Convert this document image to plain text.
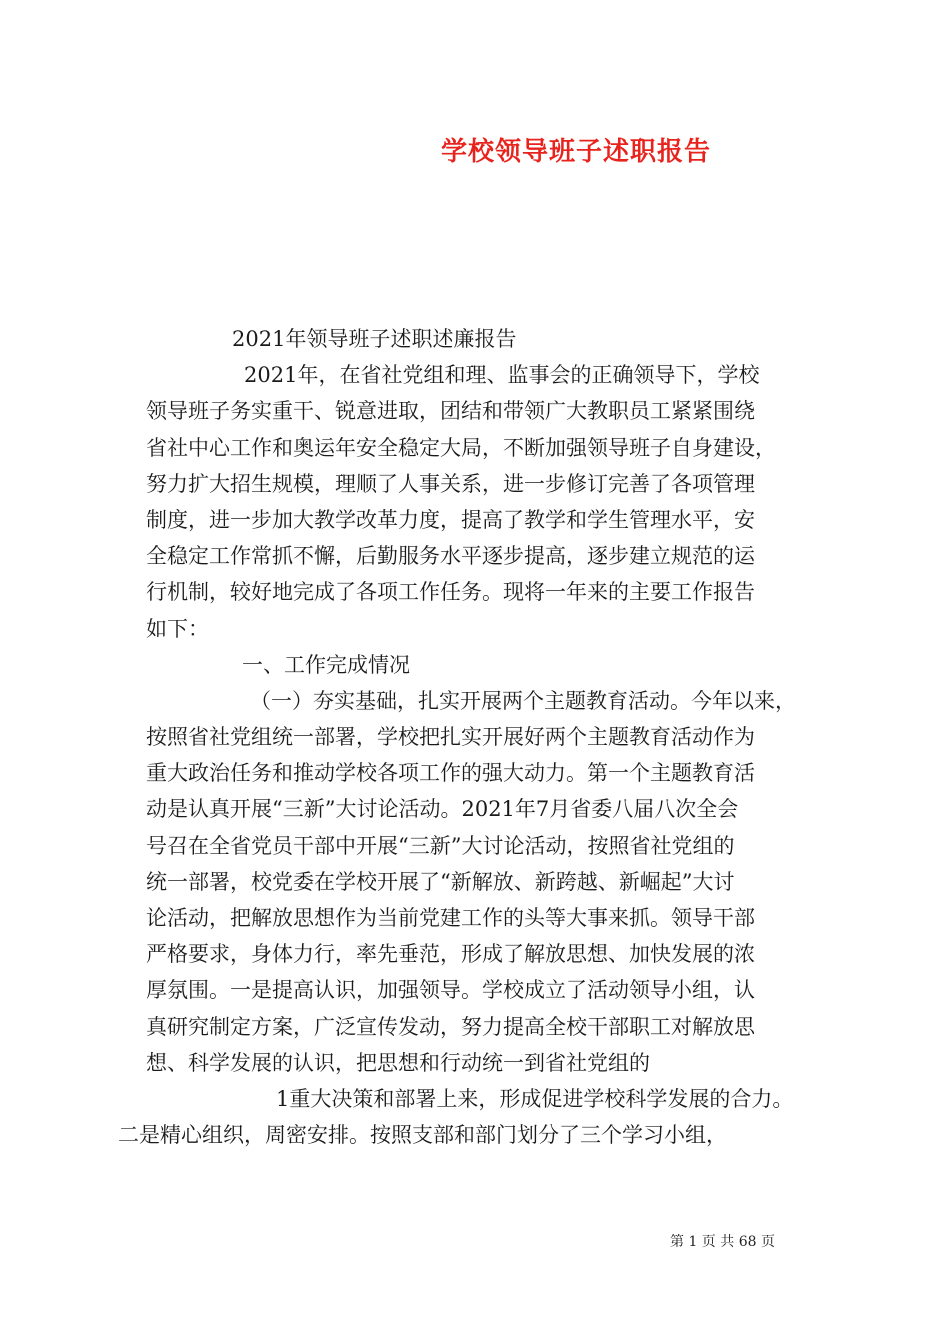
学校领导班子述职报告
2021年领导班子述职述廉报告
2021年，在省社党组和理、监事会的正确领导下，学校
领导班子务实重干、锐意进取，团结和带领广大教职员工紧紧围绕
省社中心工作和奥运年安全稳定大局，不断加强领导班子自身建设，
努力扩大招生规模，理顺了人事关系，进一步修订完善了各项管理
制度，进一步加大教学改革力度，提高了教学和学生管理水平，安
全稳定工作常抓不懈，后勤服务水平逐步提高，逐步建立规范的运
行机制，较好地完成了各项工作任务。现将一年来的主要工作报告
如下：
一、工作完成情况
（一）夯实基础，扎实开展两个主题教育活动。今年以来，
按照省社党组统一部署，学校把扎实开展好两个主题教育活动作为
重大政治任务和推动学校各项工作的强大动力。第一个主题教育活
动是认真开展“三新”大讨论活动。2021年7月省委八届八次全会
号召在全省党员干部中开展“三新”大讨论活动，按照省社党组的
统一部署，校党委在学校开展了“新解放、新跨越、新崛起”大讨
论活动，把解放思想作为当前党建工作的头等大事来抓。领导干部
严格要求，身体力行，率先垂范，形成了解放思想、加快发展的浓
厚氛围。一是提高认识，加强领导。学校成立了活动领导小组，认
真研究制定方案，广泛宣传发动，努力提高全校干部职工对解放思
想、科学发展的认识，把思想和行动统一到省社党组的
1重大决策和部署上来，形成促进学校科学发展的合力。
二是精心组织，周密安排。按照支部和部门划分了三个学习小组，
第 1 页 共 68 页
